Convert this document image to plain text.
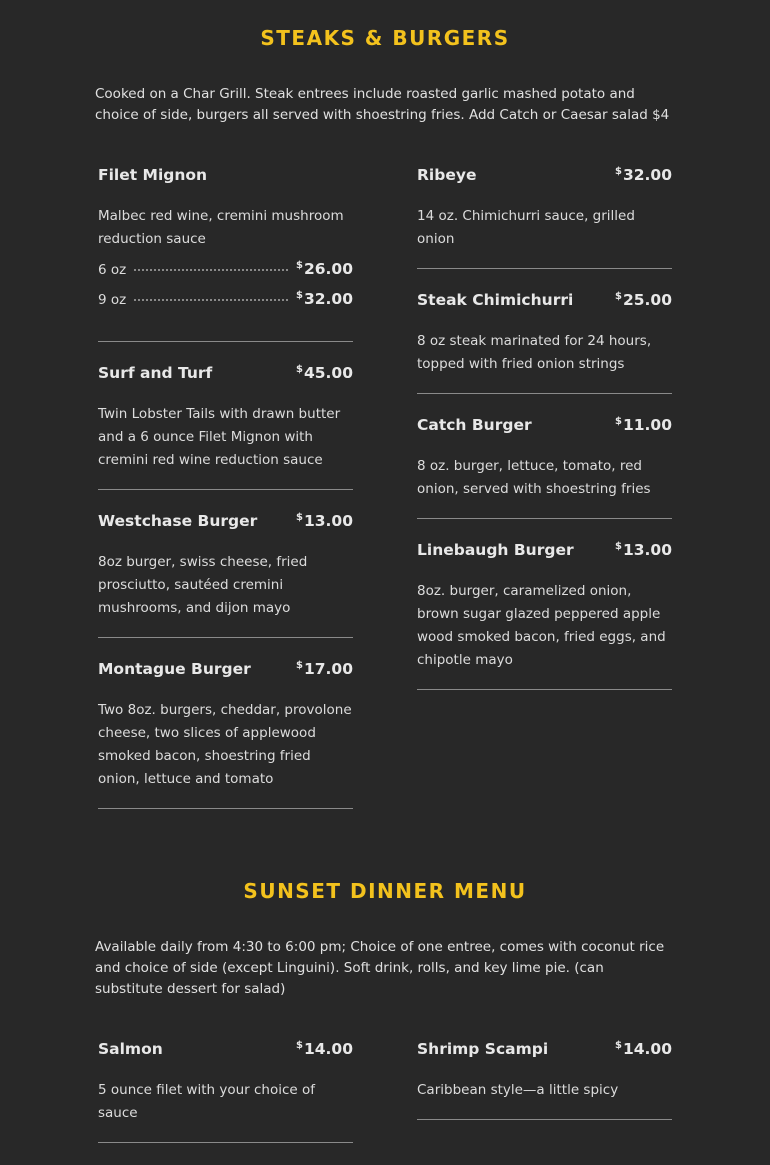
STEAKS & BURGERS

Cooked on a Char Grill. Steak entrees include roasted garlic mashed potato and choice of side, burgers all served with shoestring fries. Add Catch or Caesar salad $4

Filet Mignon
Malbec red wine, cremini mushroom reduction sauce
6 oz	$26.00
9 oz	$32.00
Surf and Turf	$45.00
Twin Lobster Tails with drawn butter and a 6 ounce Filet Mignon with cremini red wine reduction sauce
Westchase Burger	$13.00
8oz burger, swiss cheese, fried prosciutto, sautéed cremini mushrooms, and dijon mayo
Montague Burger	$17.00
Two 8oz. burgers, cheddar, provolone cheese, two slices of applewood smoked bacon, shoestring fried onion, lettuce and tomato
Ribeye	$32.00
14 oz. Chimichurri sauce, grilled onion
Steak Chimichurri	$25.00
8 oz steak marinated for 24 hours, topped with fried onion strings
Catch Burger	$11.00
8 oz. burger, lettuce, tomato, red onion, served with shoestring fries
Linebaugh Burger	$13.00
8oz. burger, caramelized onion, brown sugar glazed peppered apple wood smoked bacon, fried eggs, and chipotle mayo
SUNSET DINNER MENU

Available daily from 4:30 to 6:00 pm; Choice of one entree, comes with coconut rice and choice of side (except Linguini). Soft drink, rolls, and key lime pie. (can substitute dessert for salad)

Salmon	$14.00
5 ounce filet with your choice of sauce
Shrimp Scampi	$14.00
Caribbean style—a little spicy
